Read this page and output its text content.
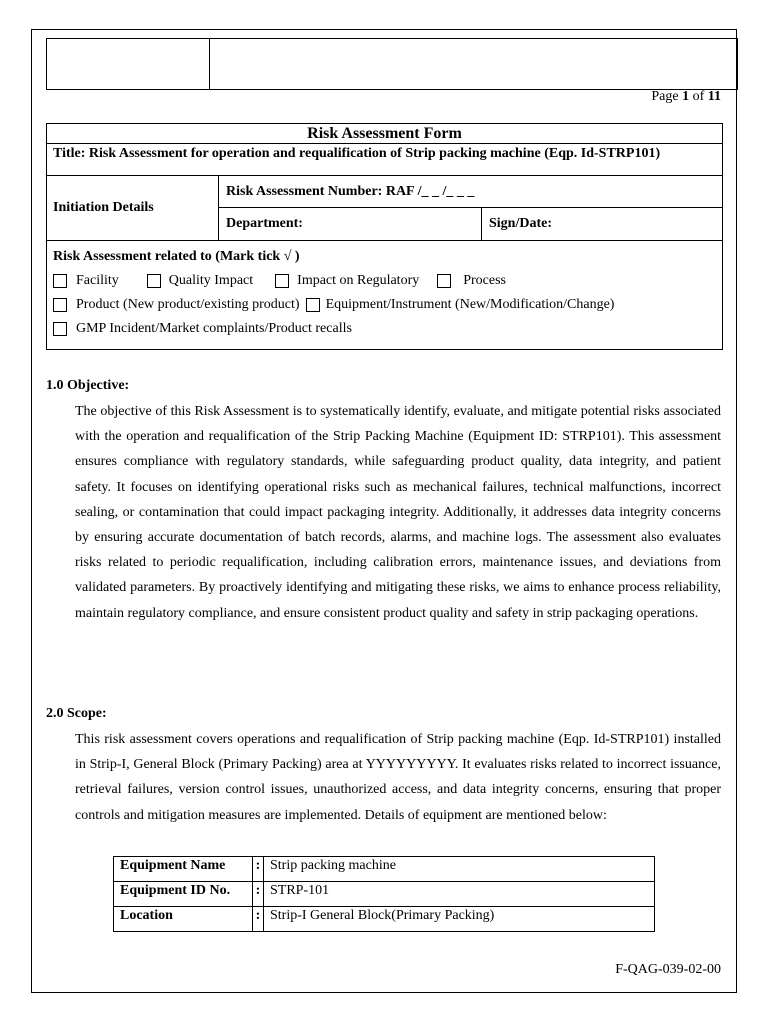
Page 1 of 11
Risk Assessment Form
Title: Risk Assessment for operation and requalification of Strip packing machine (Eqp. Id-STRP101)
Initiation Details
Risk Assessment Number: RAF /_ _ /_ _ _
Department:	Sign/Date:
Risk Assessment related to (Mark tick √ )
Facility	Quality Impact	Impact on Regulatory	Process
Product (New product/existing product) Equipment/Instrument (New/Modification/Change)
GMP Incident/Market complaints/Product recalls
1.0 Objective:

The objective of this Risk Assessment is to systematically identify, evaluate, and mitigate potential risks associated with the operation and requalification of the Strip Packing Machine (Equipment ID: STRP101). This assessment ensures compliance with regulatory standards, while safeguarding product quality, data integrity, and patient safety. It focuses on identifying operational risks such as mechanical failures, technical malfunctions, incorrect sealing, or contamination that could impact packaging integrity. Additionally, it addresses data integrity concerns by ensuring accurate documentation of batch records, alarms, and machine logs. The assessment also evaluates risks related to periodic requalification, including calibration errors, maintenance issues, and deviations from validated parameters. By proactively identifying and mitigating these risks, we aims to enhance process reliability, maintain regulatory compliance, and ensure consistent product quality and safety in strip packaging operations.

2.0 Scope:

This risk assessment covers operations and requalification of Strip packing machine (Eqp. Id-STRP101) installed in Strip-I, General Block (Primary Packing) area at YYYYYYYYY. It evaluates risks related to incorrect issuance, retrieval failures, version control issues, unauthorized access, and data integrity concerns, ensuring that proper controls and mitigation measures are implemented. Details of equipment are mentioned below:

Equipment Name	:	Strip packing machine
Equipment ID No.	:	STRP-101
Location	:	Strip-I General Block(Primary Packing)
F-QAG-039-02-00
